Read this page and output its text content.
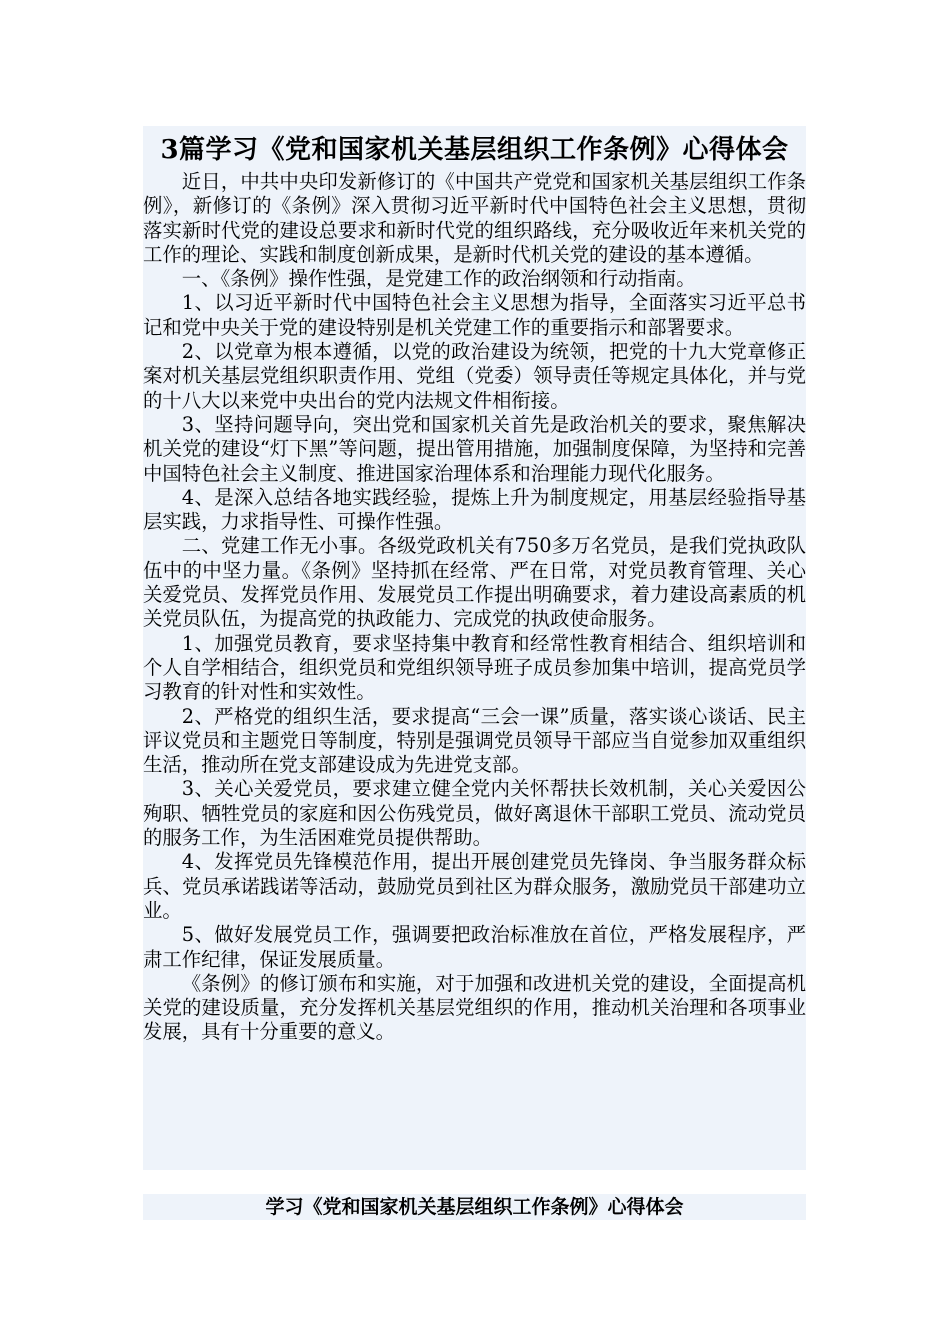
3篇学习《党和国家机关基层组织工作条例》心得体会

近日，中共中央印发新修订的《中国共产党党和国家机关基层组织工作条例》，新修订的《条例》深入贯彻习近平新时代中国特色社会主义思想，贯彻落实新时代党的建设总要求和新时代党的组织路线，充分吸收近年来机关党的工作的理论、实践和制度创新成果，是新时代机关党的建设的基本遵循。

一、《条例》操作性强，是党建工作的政治纲领和行动指南。

1、以习近平新时代中国特色社会主义思想为指导，全面落实习近平总书记和党中央关于党的建设特别是机关党建工作的重要指示和部署要求。

2、以党章为根本遵循，以党的政治建设为统领，把党的十九大党章修正案对机关基层党组织职责作用、党组（党委）领导责任等规定具体化，并与党的十八大以来党中央出台的党内法规文件相衔接。

3、坚持问题导向，突出党和国家机关首先是政治机关的要求，聚焦解决机关党的建设“灯下黑”等问题，提出管用措施，加强制度保障，为坚持和完善中国特色社会主义制度、推进国家治理体系和治理能力现代化服务。

4、是深入总结各地实践经验，提炼上升为制度规定，用基层经验指导基层实践，力求指导性、可操作性强。

二、党建工作无小事。各级党政机关有750多万名党员，是我们党执政队伍中的中坚力量。《条例》坚持抓在经常、严在日常，对党员教育管理、关心关爱党员、发挥党员作用、发展党员工作提出明确要求，着力建设高素质的机关党员队伍，为提高党的执政能力、完成党的执政使命服务。

1、加强党员教育，要求坚持集中教育和经常性教育相结合、组织培训和个人自学相结合，组织党员和党组织领导班子成员参加集中培训，提高党员学习教育的针对性和实效性。

2、严格党的组织生活，要求提高“三会一课”质量，落实谈心谈话、民主评议党员和主题党日等制度，特别是强调党员领导干部应当自觉参加双重组织生活，推动所在党支部建设成为先进党支部。

3、关心关爱党员，要求建立健全党内关怀帮扶长效机制，关心关爱因公殉职、牺牲党员的家庭和因公伤残党员，做好离退休干部职工党员、流动党员的服务工作，为生活困难党员提供帮助。

4、发挥党员先锋模范作用，提出开展创建党员先锋岗、争当服务群众标兵、党员承诺践诺等活动，鼓励党员到社区为群众服务，激励党员干部建功立业。

5、做好发展党员工作，强调要把政治标准放在首位，严格发展程序，严肃工作纪律，保证发展质量。

《条例》的修订颁布和实施，对于加强和改进机关党的建设，全面提高机关党的建设质量，充分发挥机关基层党组织的作用，推动机关治理和各项事业发展，具有十分重要的意义。

学习《党和国家机关基层组织工作条例》心得体会
